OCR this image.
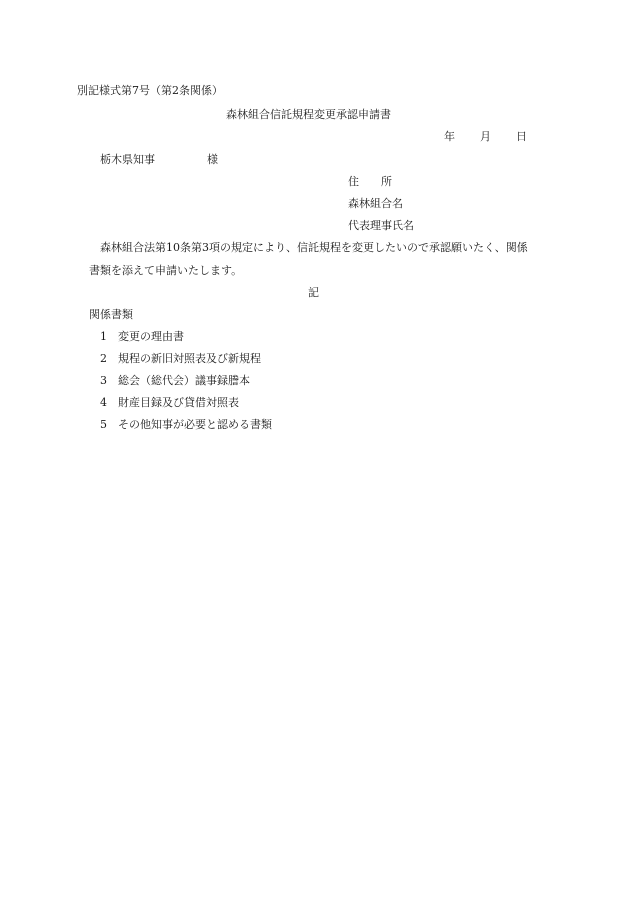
別記様式第7号（第2条関係）
森林組合信託規程変更承認申請書
年 月 日
栃木県知事	様
住　　所
森林組合名
代表理事氏名
森林組合法第10条第3項の規定により、信託規程を変更したいので承認願いたく、関係
書類を添えて申請いたします。
記
関係書類
1 変更の理由書
2 規程の新旧対照表及び新規程
3 総会（総代会）議事録謄本
4 財産目録及び貸借対照表
5 その他知事が必要と認める書類
